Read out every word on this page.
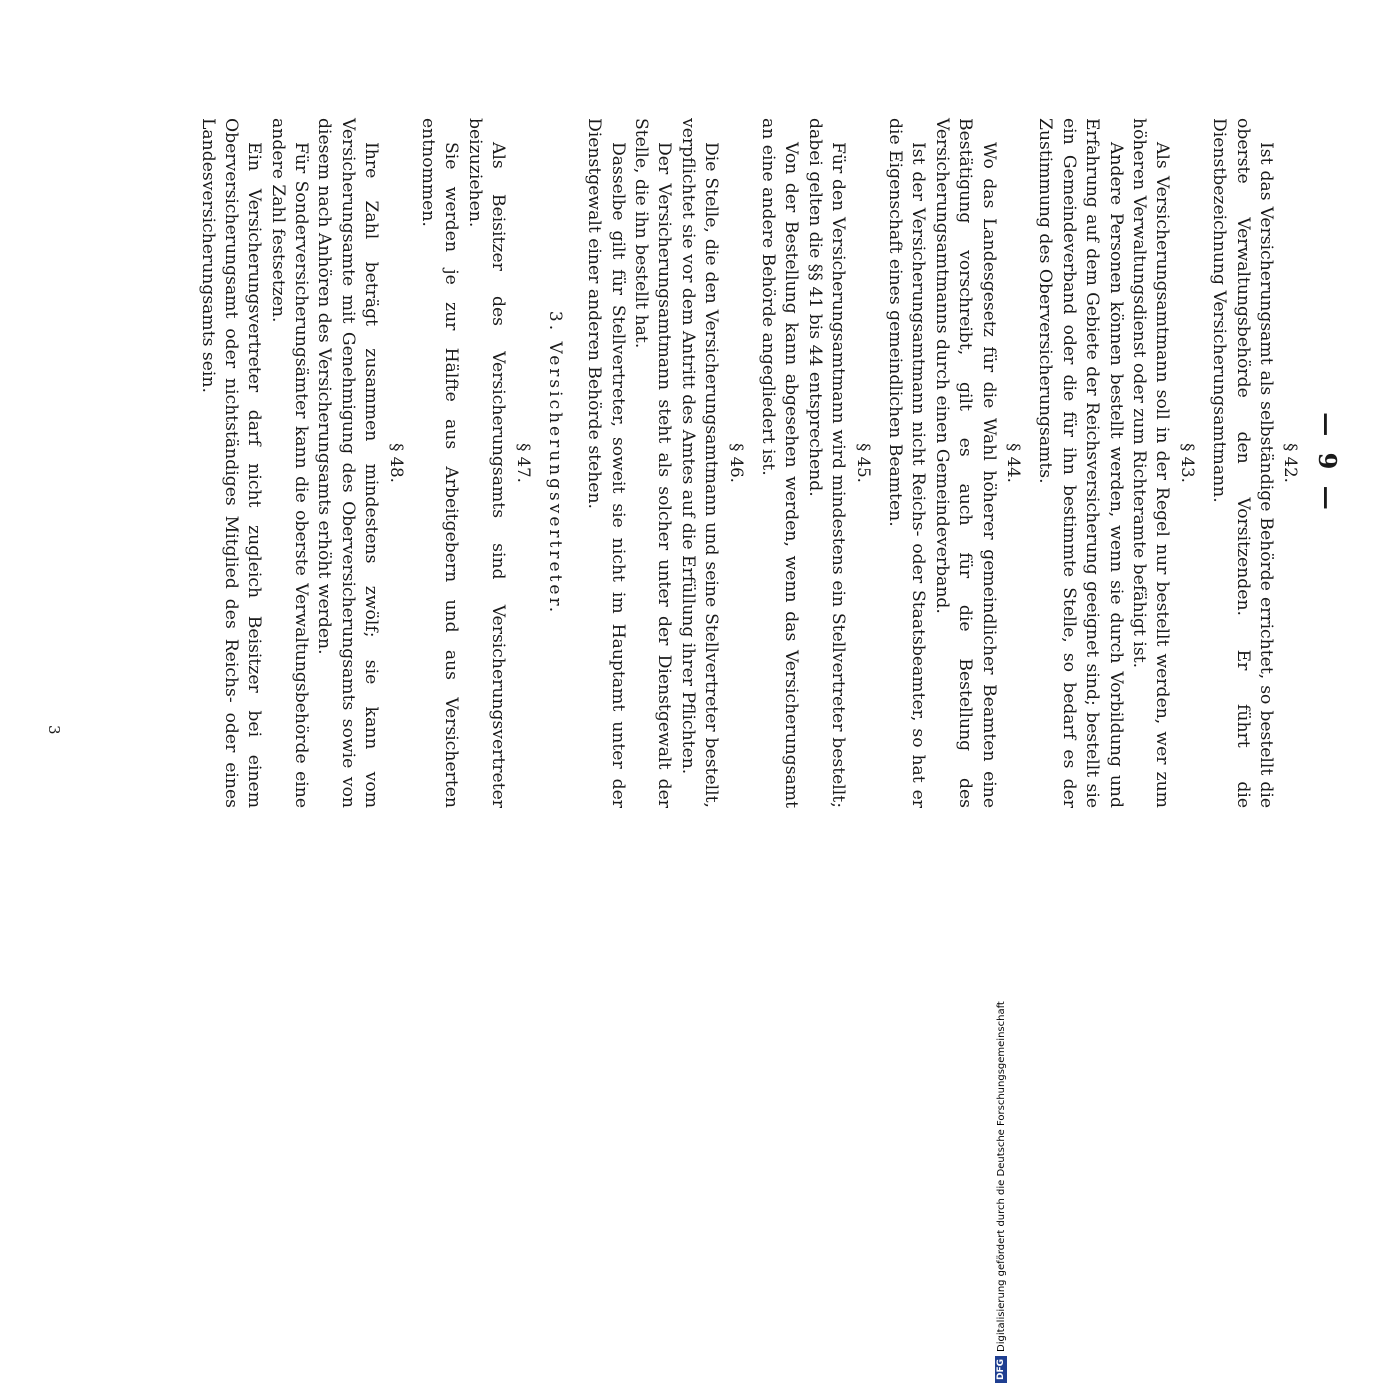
— 9 —
§ 42.

Ist das Versicherungsamt als selbständige Behörde errichtet, so bestellt die oberste Verwaltungsbehörde den Vorsitzenden. Er führt die Dienstbezeichnung Versicherungsamtmann.

§ 43.

Als Versicherungsamtmann soll in der Regel nur bestellt werden, wer zum höheren Verwaltungsdienst oder zum Richteramte befähigt ist.

Andere Personen können bestellt werden, wenn sie durch Vorbildung und Erfahrung auf dem Gebiete der Reichsversicherung geeignet sind; bestellt sie ein Gemeindeverband oder die für ihn bestimmte Stelle, so bedarf es der Zustimmung des Oberversicherungsamts.

§ 44.

Wo das Landesgesetz für die Wahl höherer gemeindlicher Beamten eine Bestätigung vorschreibt, gilt es auch für die Bestellung des Versicherungsamtmanns durch einen Gemeindeverband.

Ist der Versicherungsamtmann nicht Reichs- oder Staatsbeamter, so hat er die Eigenschaft eines gemeindlichen Beamten.

§ 45.

Für den Versicherungsamtmann wird mindestens ein Stellvertreter bestellt; dabei gelten die §§ 41 bis 44 entsprechend.

Von der Bestellung kann abgesehen werden, wenn das Versicherungsamt an eine andere Behörde angegliedert ist.

§ 46.

Die Stelle, die den Versicherungsamtmann und seine Stellvertreter bestellt, verpflichtet sie vor dem Antritt des Amtes auf die Erfüllung ihrer Pflichten.

Der Versicherungsamtmann steht als solcher unter der Dienstgewalt der Stelle, die ihn bestellt hat.

Dasselbe gilt für Stellvertreter, soweit sie nicht im Hauptamt unter der Dienstgewalt einer anderen Behörde stehen.

3. Versicherungsvertreter.
§ 47.

Als Beisitzer des Versicherungsamts sind Versicherungsvertreter beizuziehen.

Sie werden je zur Hälfte aus Arbeitgebern und aus Versicherten entnommen.

§ 48.

Ihre Zahl beträgt zusammen mindestens zwölf; sie kann vom Versicherungsamte mit Genehmigung des Oberversicherungsamts sowie von diesem nach Anhören des Versicherungsamts erhöht werden.

Für Sonderversicherungsämter kann die oberste Verwaltungsbehörde eine andere Zahl festsetzen.

Ein Versicherungsvertreter darf nicht zugleich Beisitzer bei einem Oberversicherungsamt oder nichtständiges Mitglied des Reichs- oder eines Landesversicherungsamts sein.

3
DFG
Digitalisierung gefördert durch die Deutsche Forschungsgemeinschaft
